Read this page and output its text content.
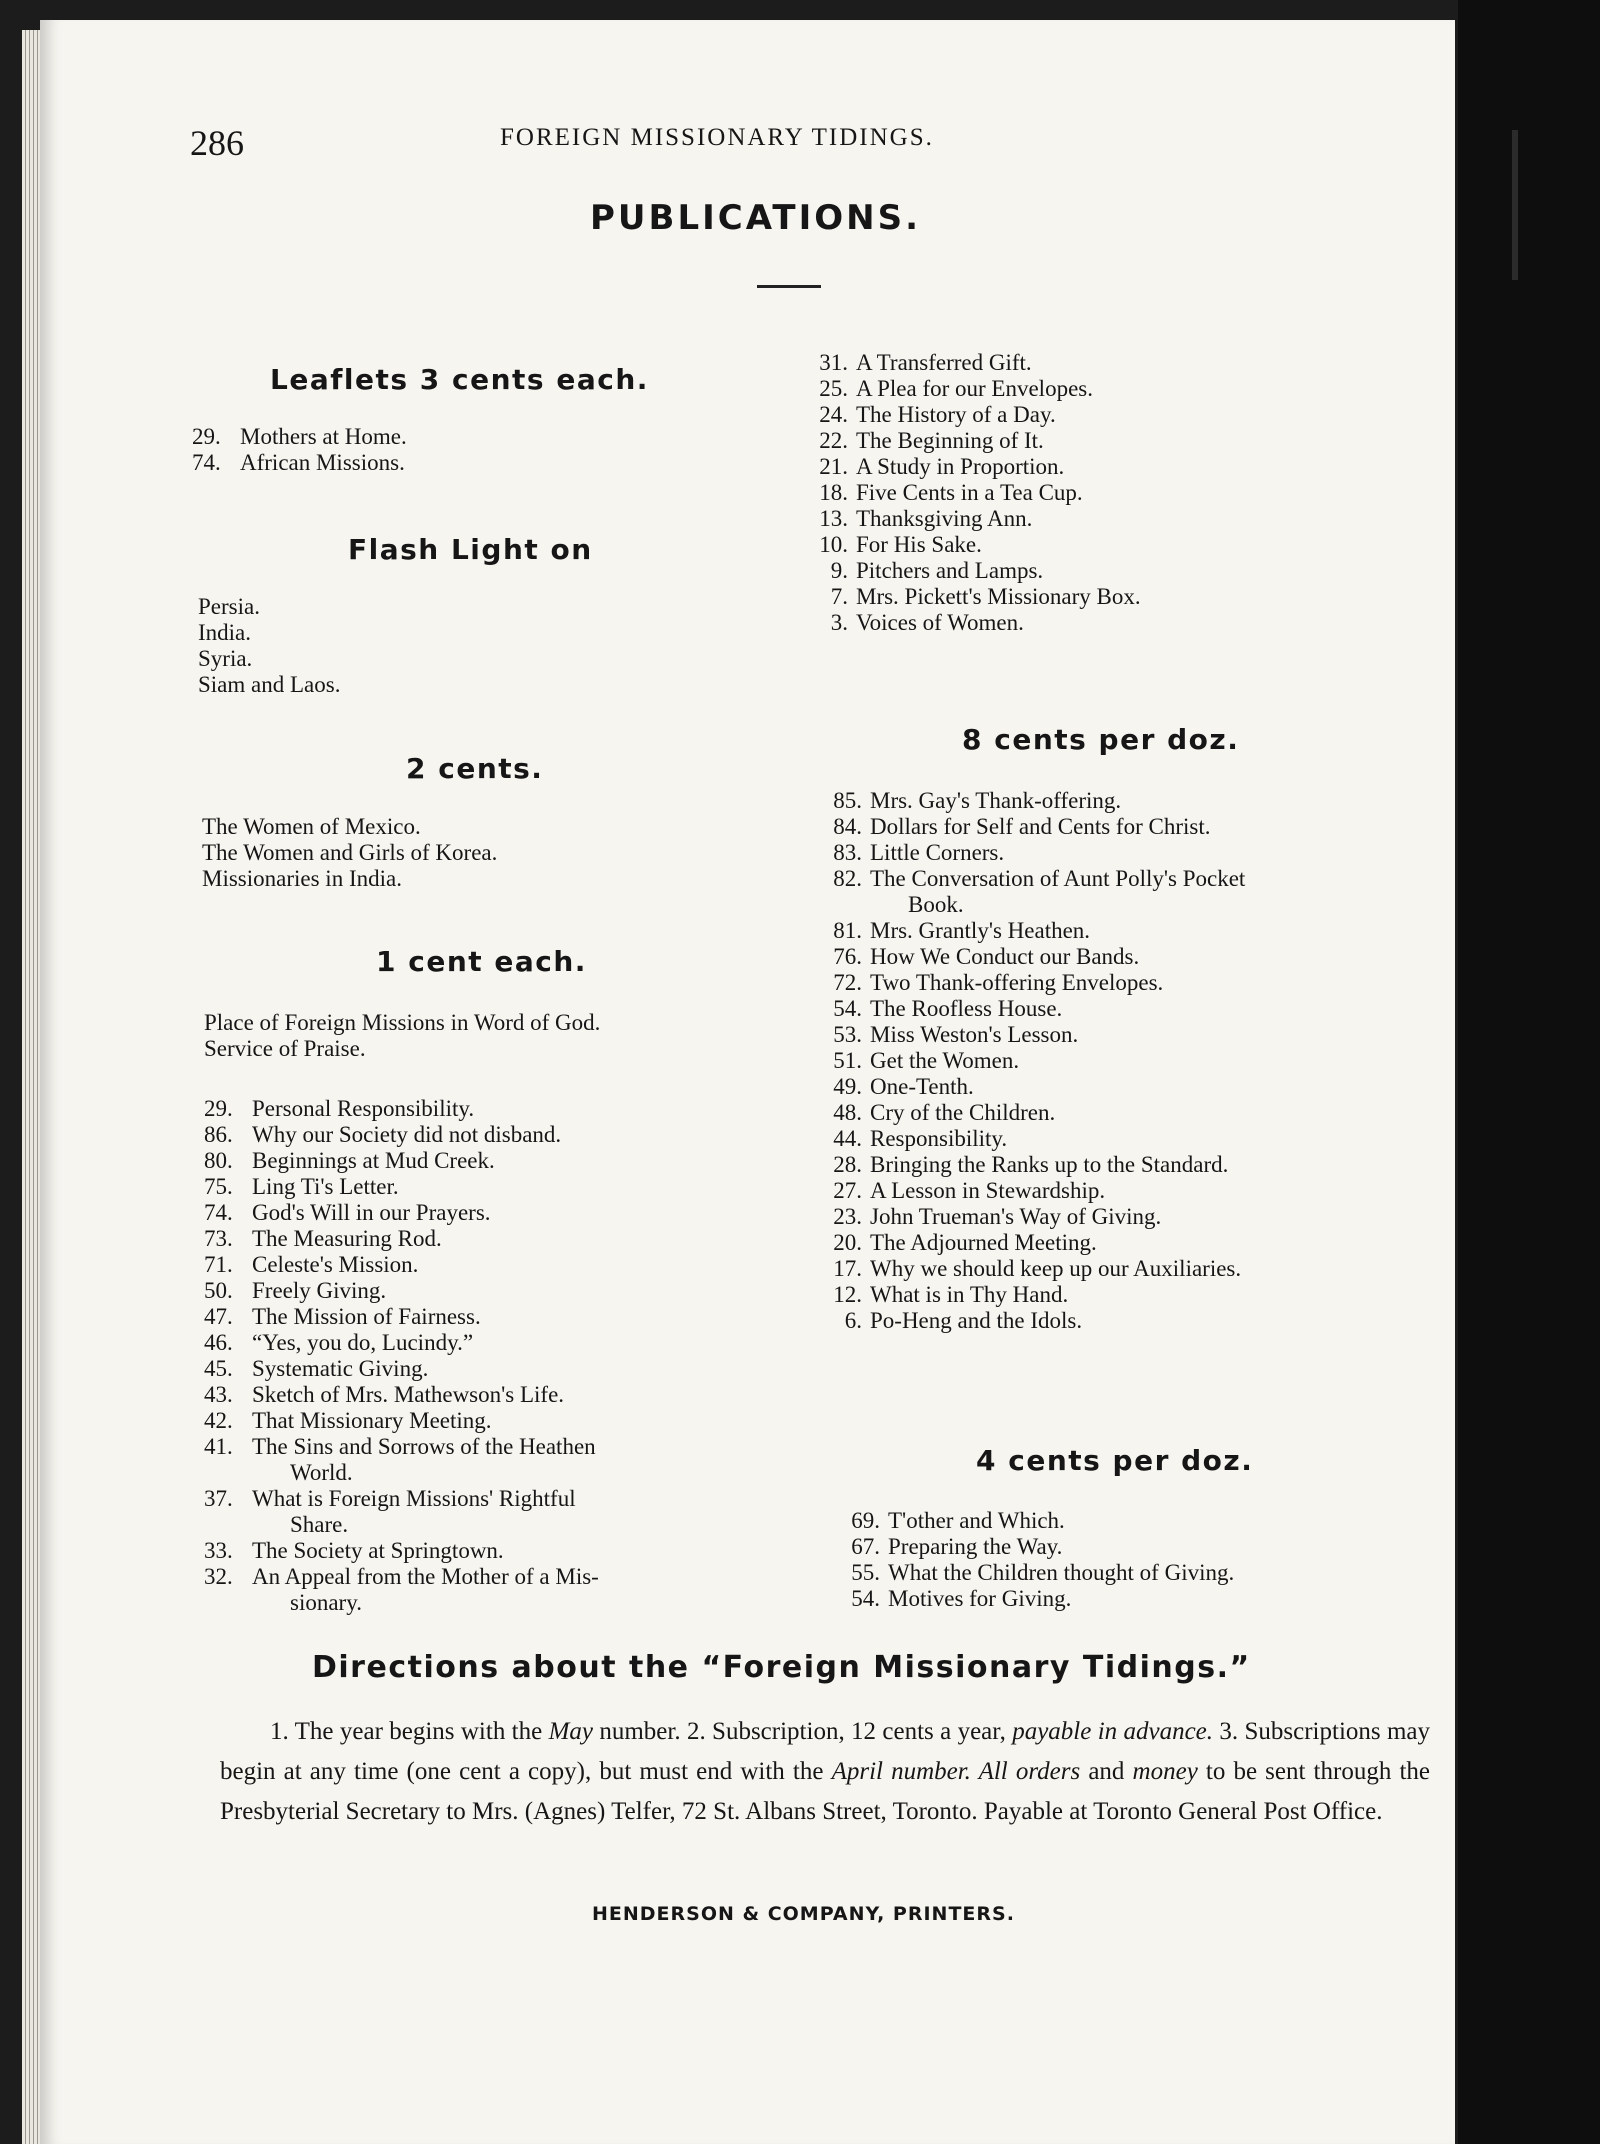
286	FOREIGN MISSIONARY TIDINGS.
PUBLICATIONS.
Leaflets 3 cents each.
29. Mothers at Home.
74. African Missions.
Flash Light on
Persia.
India.
Syria.
Siam and Laos.
2 cents.
The Women of Mexico.
The Women and Girls of Korea.
Missionaries in India.
1 cent each.
Place of Foreign Missions in Word of God.
Service of Praise.
29. Personal Responsibility.
86. Why our Society did not disband.
80. Beginnings at Mud Creek.
75. Ling Ti's Letter.
74. God's Will in our Prayers.
73. The Measuring Rod.
71. Celeste's Mission.
50. Freely Giving.
47. The Mission of Fairness.
46. “Yes, you do, Lucindy.”
45. Systematic Giving.
43. Sketch of Mrs. Mathewson's Life.
42. That Missionary Meeting.
41. The Sins and Sorrows of the Heathen
World.
37. What is Foreign Missions' Rightful
Share.
33. The Society at Springtown.
32. An Appeal from the Mother of a Mis-
sionary.
31. A Transferred Gift.
25. A Plea for our Envelopes.
24. The History of a Day.
22. The Beginning of It.
21. A Study in Proportion.
18. Five Cents in a Tea Cup.
13. Thanksgiving Ann.
10. For His Sake.
9. Pitchers and Lamps.
7. Mrs. Pickett's Missionary Box.
3. Voices of Women.
8 cents per doz.
85. Mrs. Gay's Thank-offering.
84. Dollars for Self and Cents for Christ.
83. Little Corners.
82. The Conversation of Aunt Polly's Pocket
Book.
81. Mrs. Grantly's Heathen.
76. How We Conduct our Bands.
72. Two Thank-offering Envelopes.
54. The Roofless House.
53. Miss Weston's Lesson.
51. Get the Women.
49. One-Tenth.
48. Cry of the Children.
44. Responsibility.
28. Bringing the Ranks up to the Standard.
27. A Lesson in Stewardship.
23. John Trueman's Way of Giving.
20. The Adjourned Meeting.
17. Why we should keep up our Auxiliaries.
12. What is in Thy Hand.
6. Po-Heng and the Idols.
4 cents per doz.
69. T'other and Which.
67. Preparing the Way.
55. What the Children thought of Giving.
54. Motives for Giving.
Directions about the “Foreign Missionary Tidings.”

1. The year begins with the May number. 2. Subscription, 12 cents a year, payable in advance. 3. Subscriptions may begin at any time (one cent a copy), but must end with the April number. All orders and money to be sent through the Presbyterial Secretary to Mrs. (Agnes) Telfer, 72 St. Albans Street, Toronto. Payable at Toronto General Post Office.

HENDERSON & COMPANY, PRINTERS.
